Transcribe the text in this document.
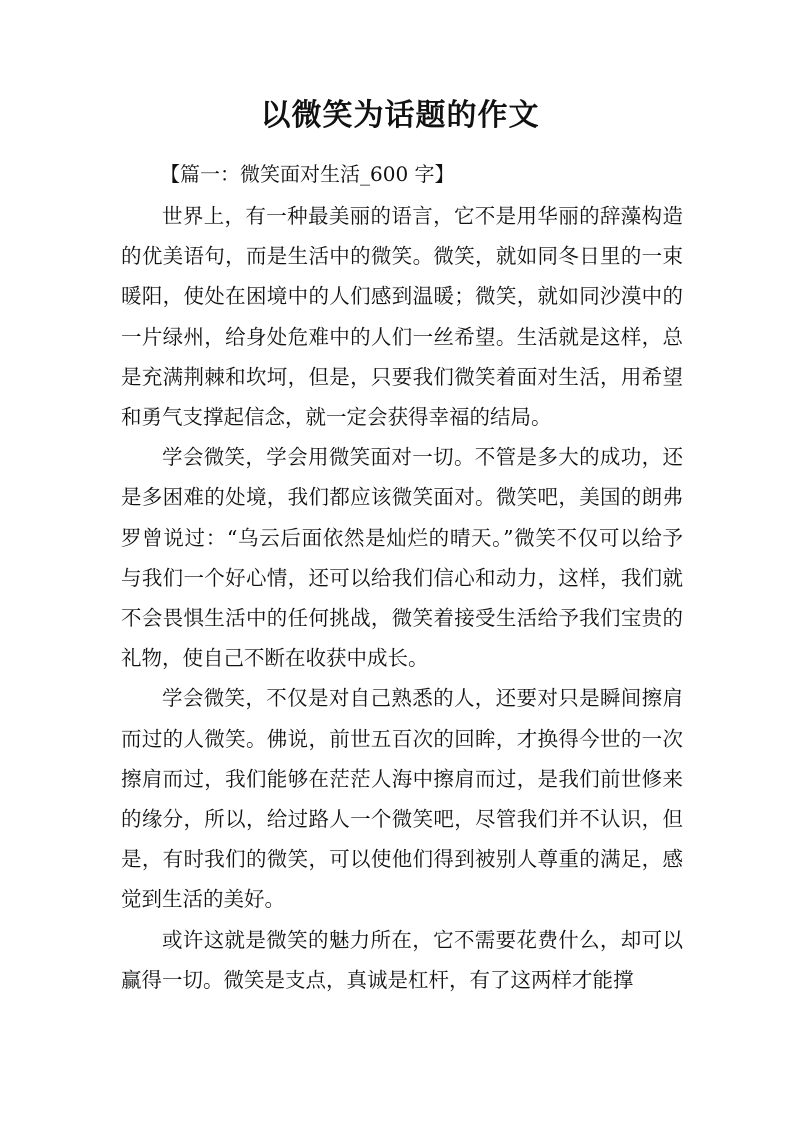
以微笑为话题的作文
【篇一：微笑面对生活_600 字】

世界上，有一种最美丽的语言，它不是用华丽的辞藻构造的优美语句，而是生活中的微笑。微笑，就如同冬日里的一束暖阳，使处在困境中的人们感到温暖；微笑，就如同沙漠中的一片绿州，给身处危难中的人们一丝希望。生活就是这样，总是充满荆棘和坎坷，但是，只要我们微笑着面对生活，用希望和勇气支撑起信念，就一定会获得幸福的结局。

学会微笑，学会用微笑面对一切。不管是多大的成功，还是多困难的处境，我们都应该微笑面对。微笑吧，美国的朗弗罗曾说过：“乌云后面依然是灿烂的晴天。”微笑不仅可以给予与我们一个好心情，还可以给我们信心和动力，这样，我们就不会畏惧生活中的任何挑战，微笑着接受生活给予我们宝贵的礼物，使自己不断在收获中成长。

学会微笑，不仅是对自己熟悉的人，还要对只是瞬间擦肩而过的人微笑。佛说，前世五百次的回眸，才换得今世的一次擦肩而过，我们能够在茫茫人海中擦肩而过，是我们前世修来的缘分，所以，给过路人一个微笑吧，尽管我们并不认识，但是，有时我们的微笑，可以使他们得到被别人尊重的满足，感觉到生活的美好。

或许这就是微笑的魅力所在，它不需要花费什么，却可以赢得一切。微笑是支点，真诚是杠杆，有了这两样才能撑
